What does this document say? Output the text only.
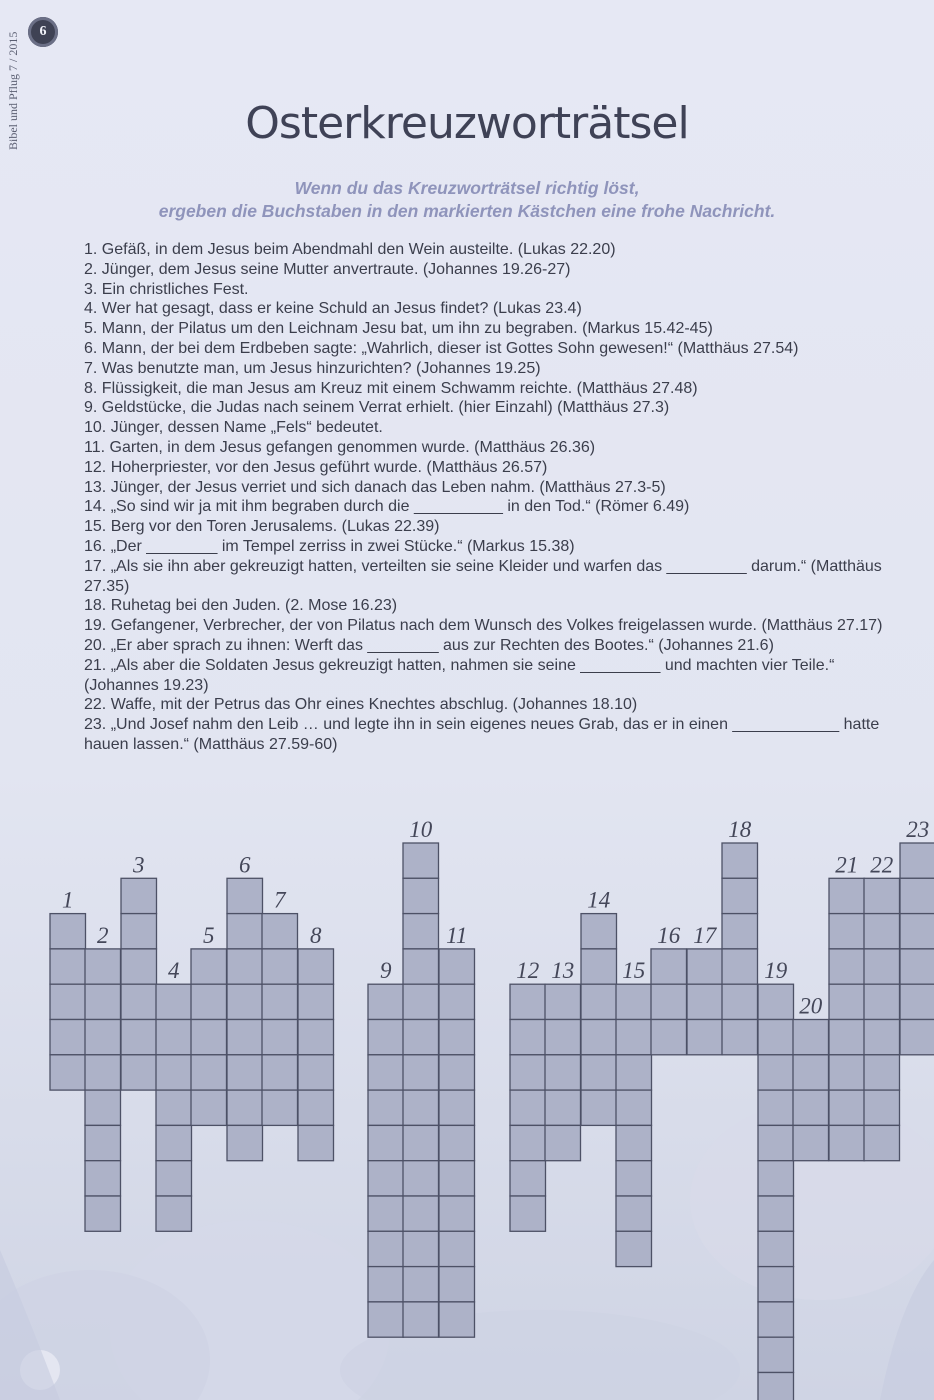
Bibel und Pflug 7 / 2015
6
Osterkreuzworträtsel
Wenn du das Kreuzworträtsel richtig löst,
ergeben die Buchstaben in den markierten Kästchen eine frohe Nachricht.
1. Gefäß, in dem Jesus beim Abendmahl den Wein austeilte. (Lukas 22.20)
2. Jünger, dem Jesus seine Mutter anvertraute. (Johannes 19.26-27)
3. Ein christliches Fest.
4. Wer hat gesagt, dass er keine Schuld an Jesus findet? (Lukas 23.4)
5. Mann, der Pilatus um den Leichnam Jesu bat, um ihn zu begraben. (Markus 15.42-45)
6. Mann, der bei dem Erdbeben sagte: „Wahrlich, dieser ist Gottes Sohn gewesen!“ (Matthäus 27.54)
7. Was benutzte man, um Jesus hinzurichten? (Johannes 19.25)
8. Flüssigkeit, die man Jesus am Kreuz mit einem Schwamm reichte. (Matthäus 27.48)
9. Geldstücke, die Judas nach seinem Verrat erhielt. (hier Einzahl) (Matthäus 27.3)
10. Jünger, dessen Name „Fels“ bedeutet.
11. Garten, in dem Jesus gefangen genommen wurde. (Matthäus 26.36)
12. Hoherpriester, vor den Jesus geführt wurde. (Matthäus 26.57)
13. Jünger, der Jesus verriet und sich danach das Leben nahm. (Matthäus 27.3-5)
14. „So sind wir ja mit ihm begraben durch die __________ in den Tod.“ (Römer 6.49)
15. Berg vor den Toren Jerusalems. (Lukas 22.39)
16. „Der ________ im Tempel zerriss in zwei Stücke.“ (Markus 15.38)
17. „Als sie ihn aber gekreuzigt hatten, verteilten sie seine Kleider und warfen das _________ darum.“ (Matthäus 27.35)
18. Ruhetag bei den Juden. (2. Mose 16.23)
19. Gefangener, Verbrecher, der von Pilatus nach dem Wunsch des Volkes freigelassen wurde. (Matthäus 27.17)
20. „Er aber sprach zu ihnen: Werft das ________ aus zur Rechten des Bootes.“ (Johannes 21.6)
21. „Als aber die Soldaten Jesus gekreuzigt hatten, nahmen sie seine _________ und machten vier Teile.“ (Johannes 19.23)
22. Waffe, mit der Petrus das Ohr eines Knechtes abschlug. (Johannes 18.10)
23. „Und Josef nahm den Leib … und legte ihn in sein eigenes neues Grab, das er in einen ____________ hatte hauen lassen.“ (Matthäus 27.59-60)
1
2
3
4
5
6
7
8
9
10
11
12 13
14
15
16 17
18
19
20
21 22
23
